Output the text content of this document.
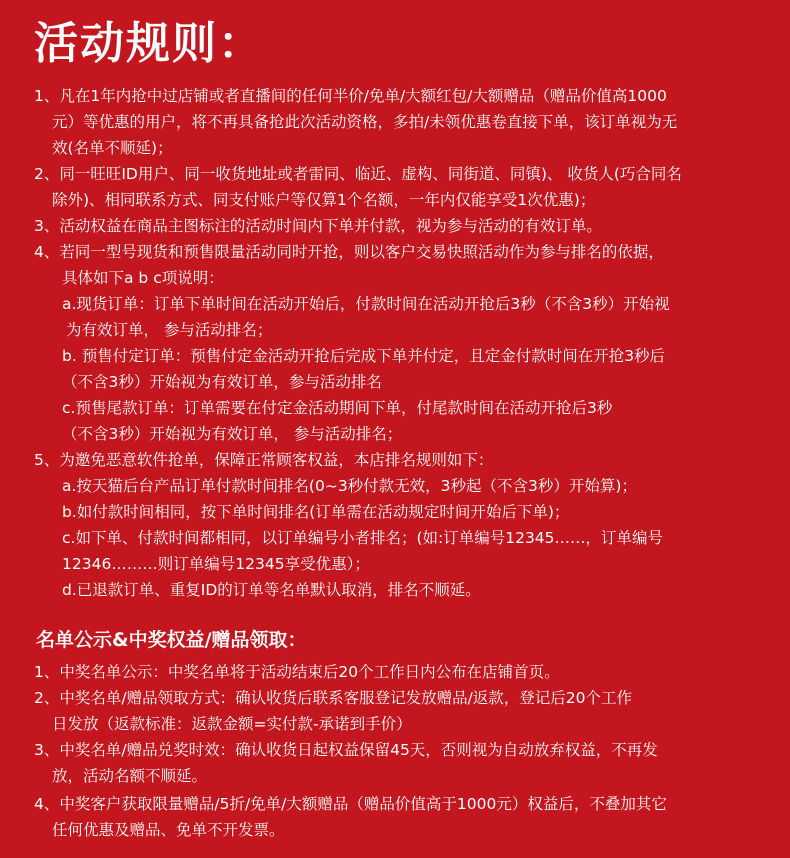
活动规则：

1、凡在1年内抢中过店铺或者直播间的任何半价/免单/大额红包/大额赠品（赠品价值高1000

元）等优惠的用户，将不再具备抢此次活动资格，多拍/未领优惠卷直接下单，该订单视为无

效(名单不顺延)；

2、同一旺旺ID用户、同一收货地址或者雷同、临近、虚构、同街道、同镇)、 收货人(巧合同名

除外)、相同联系方式、同支付账户等仅算1个名额，一年内仅能享受1次优惠)；

3、活动权益在商品主图标注的活动时间内下单并付款，视为参与活动的有效订单。

4、若同一型号现货和预售限量活动同时开抢，则以客户交易快照活动作为参与排名的依据，

具体如下a b c项说明：

a.现货订单：订单下单时间在活动开始后，付款时间在活动开抢后3秒（不含3秒）开始视

为有效订单， 参与活动排名；

b. 预售付定订单：预售付定金活动开抢后完成下单并付定，且定金付款时间在开抢3秒后

（不含3秒）开始视为有效订单，参与活动排名

c.预售尾款订单：订单需要在付定金活动期间下单，付尾款时间在活动开抢后3秒

（不含3秒）开始视为有效订单， 参与活动排名；

5、为邀免恶意软件抢单，保障正常顾客权益，本店排名规则如下：

a.按天猫后台产品订单付款时间排名(0~3秒付款无效，3秒起（不含3秒）开始算)；

b.如付款时间相同，按下单时间排名(订单需在活动规定时间开始后下单)；

c.如下单、付款时间都相同，以订单编号小者排名；(如:订单编号12345……，订单编号

12346………则订单编号12345享受优惠）；

d.已退款订单、重复ID的订单等名单默认取消，排名不顺延。

名单公示&中奖权益/赠品领取：

1、中奖名单公示：中奖名单将于活动结束后20个工作日内公布在店铺首页。

2、中奖名单/赠品领取方式：确认收货后联系客服登记发放赠品/返款，登记后20个工作

日发放（返款标准：返款金额=实付款-承诺到手价）

3、中奖名单/赠品兑奖时效：确认收货日起权益保留45天，否则视为自动放弃权益，不再发

放，活动名额不顺延。

4、中奖客户获取限量赠品/5折/免单/大额赠品（赠品价值高于1000元）权益后，不叠加其它

任何优惠及赠品、免单不开发票。
